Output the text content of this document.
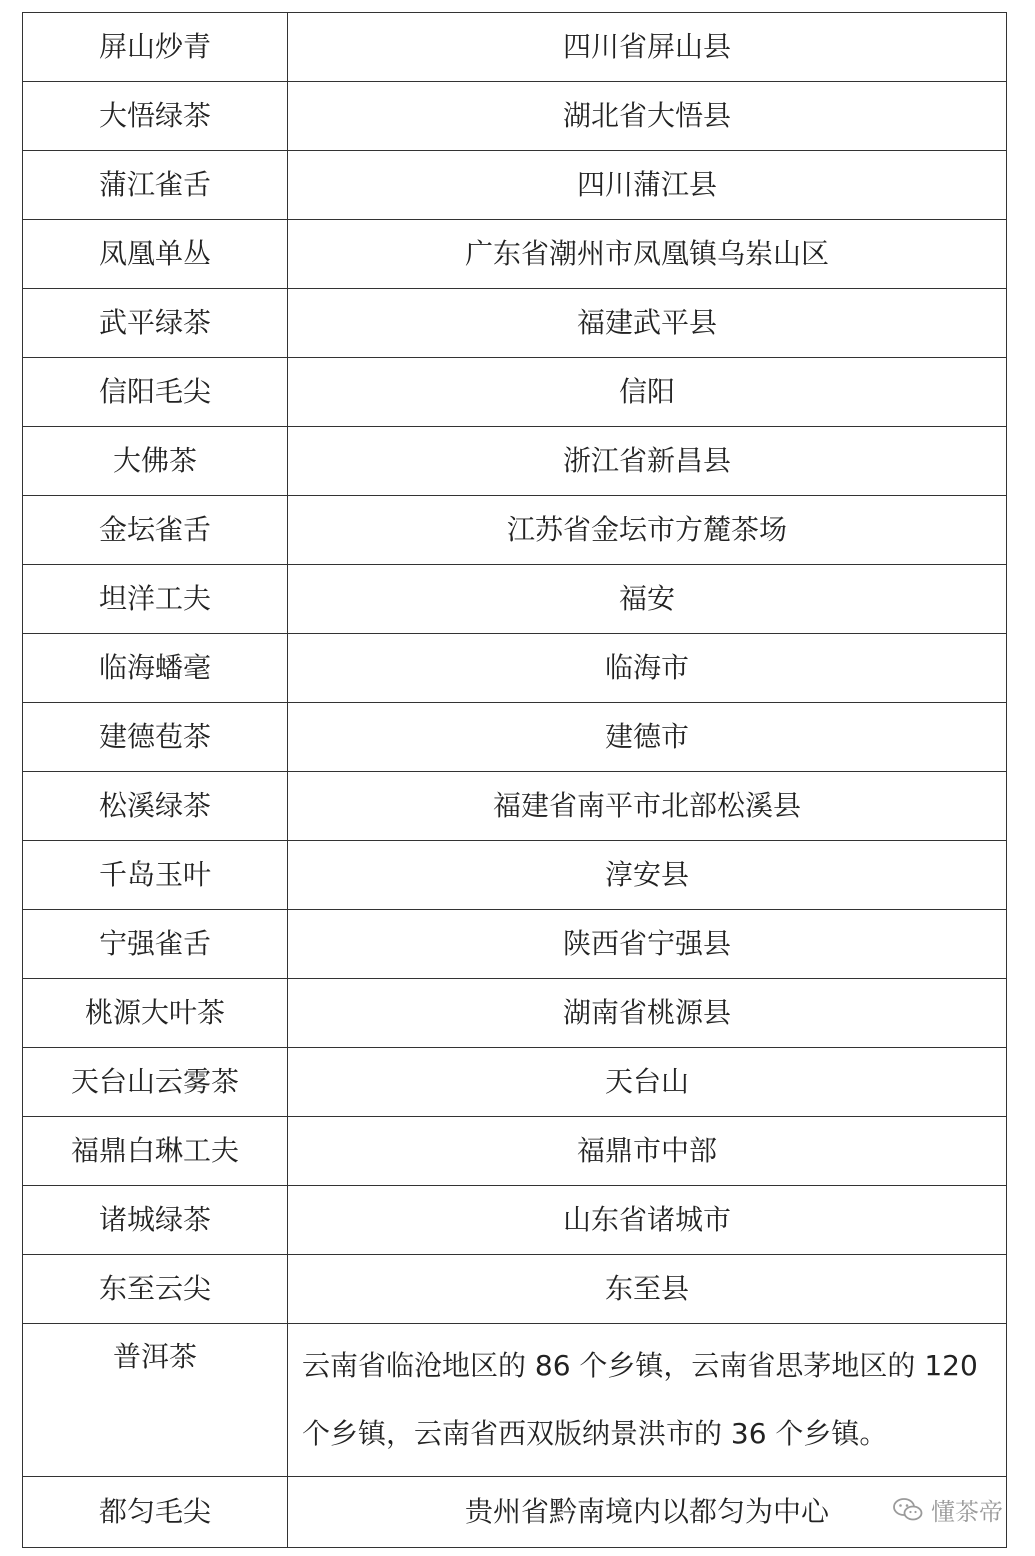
屏山炒青	四川省屏山县
大悟绿茶	湖北省大悟县
蒲江雀舌	四川蒲江县
凤凰单丛	广东省潮州市凤凰镇乌岽山区
武平绿茶	福建武平县
信阳毛尖	信阳
大佛茶	浙江省新昌县
金坛雀舌	江苏省金坛市方麓茶场
坦洋工夫	福安
临海蟠毫	临海市
建德苞茶	建德市
松溪绿茶	福建省南平市北部松溪县
千岛玉叶	淳安县
宁强雀舌	陕西省宁强县
桃源大叶茶	湖南省桃源县
天台山云雾茶	天台山
福鼎白琳工夫	福鼎市中部
诸城绿茶	山东省诸城市
东至云尖	东至县
普洱茶	云南省临沧地区的 86 个乡镇，云南省思茅地区的 120 个乡镇，云南省西双版纳景洪市的 36 个乡镇。
都匀毛尖	贵州省黔南境内以都匀为中心	懂茶帝
